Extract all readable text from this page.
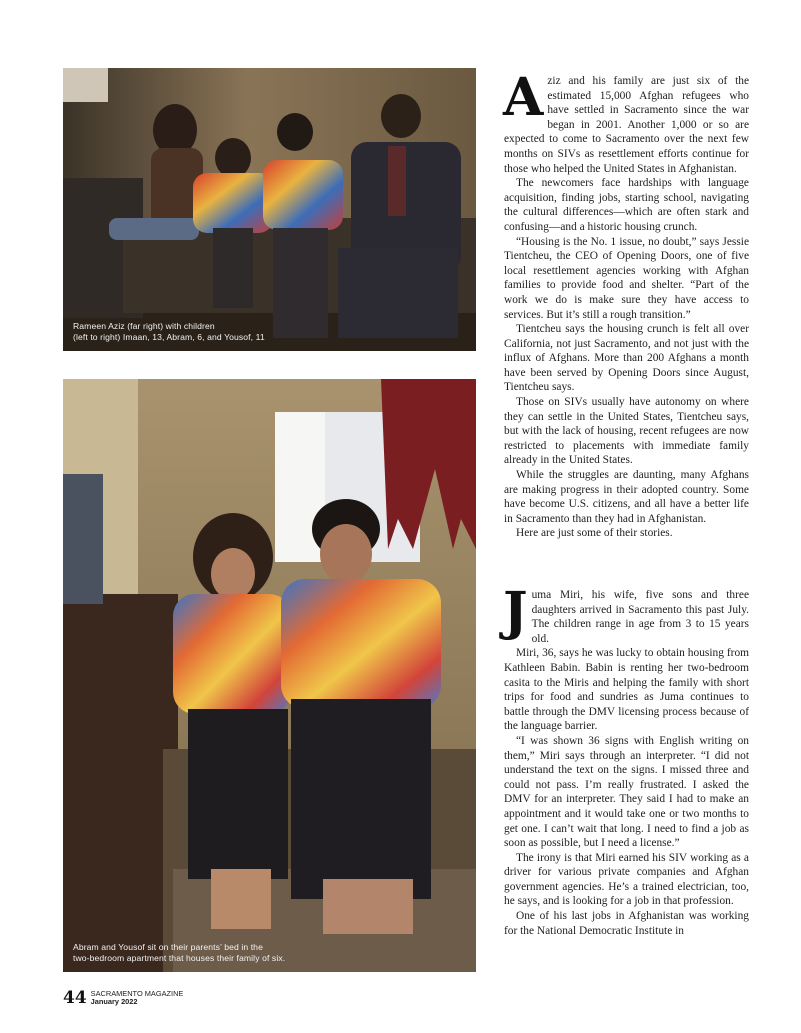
Rameen Aziz (far right) with children
(left to right) Imaan, 13, Abram, 6, and Yousof, 11
Abram and Yousof sit on their parents’ bed in the
two-bedroom apartment that houses their family of six.

Aziz and his family are just six of the estimated 15,000 Afghan refugees who have settled in Sacramento since the war began in 2001. Another 1,000 or so are expected to come to Sacramento over the next few months on SIVs as resettlement efforts continue for those who helped the United States in Afghanistan.

The newcomers face hardships with language acquisition, finding jobs, starting school, navigating the cultural differences—which are often stark and confusing—and a historic housing crunch.

“Housing is the No. 1 issue, no doubt,” says Jessie Tientcheu, the CEO of Opening Doors, one of five local resettlement agencies working with Afghan families to provide food and shelter. “Part of the work we do is make sure they have access to services. But it’s still a rough transition.”

Tientcheu says the housing crunch is felt all over California, not just Sacramento, and not just with the influx of Afghans. More than 200 Afghans a month have been served by Opening Doors since August, Tientcheu says.

Those on SIVs usually have autonomy on where they can settle in the United States, Tientcheu says, but with the lack of housing, recent refugees are now restricted to placements with immediate family already in the United States.

While the struggles are daunting, many Afghans are making progress in their adopted country. Some have become U.S. citizens, and all have a better life in Sacramento than they had in Afghanistan.

Here are just some of their stories.

Juma Miri, his wife, five sons and three daughters arrived in Sacramento this past July. The children range in age from 3 to 15 years old.

Miri, 36, says he was lucky to obtain housing from Kathleen Babin. Babin is renting her two-bedroom casita to the Miris and helping the family with short trips for food and sundries as Juma continues to battle through the DMV licensing process because of the language barrier.

“I was shown 36 signs with English writing on them,” Miri says through an interpreter. “I did not understand the text on the signs. I missed three and could not pass. I’m really frustrated. I asked the DMV for an interpreter. They said I had to make an appointment and it would take one or two months to get one. I can’t wait that long. I need to find a job as soon as possible, but I need a license.”

The irony is that Miri earned his SIV working as a driver for various private companies and Afghan government agencies. He’s a trained electrician, too, he says, and is looking for a job in that profession.

One of his last jobs in Afghanistan was working for the National Democratic Institute in

44 SACRAMENTO MAGAZINE
January 2022
